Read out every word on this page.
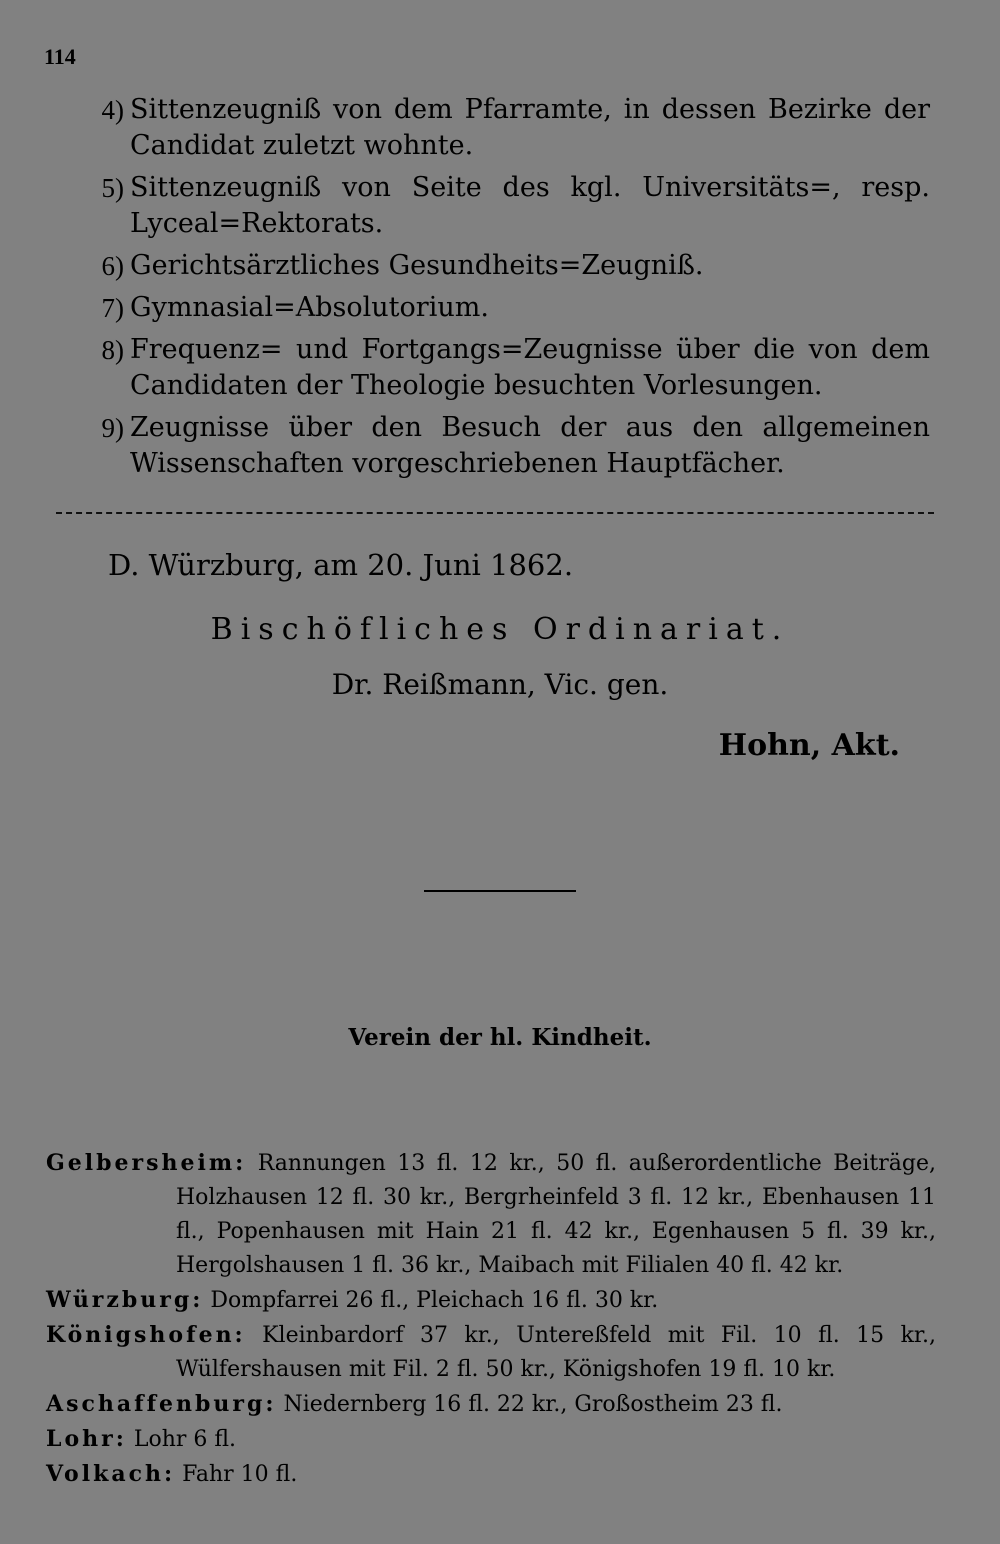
114
4) Sittenzeugniß von dem Pfarramte, in dessen Bezirke der Candidat zuletzt wohnte.
5) Sittenzeugniß von Seite des kgl. Universitäts=, resp. Lyceal=Rektorats.
6) Gerichtsärztliches Gesundheits=Zeugniß.
7) Gymnasial=Absolutorium.
8) Frequenz= und Fortgangs=Zeugnisse über die von dem Candidaten der Theologie besuchten Vorlesungen.
9) Zeugnisse über den Besuch der aus den allgemeinen Wissenschaften vorgeschriebenen Hauptfächer.
D. Würzburg, am 20. Juni 1862.
Bischöfliches Ordinariat.
Dr. Reißmann, Vic. gen.
Hohn, Akt.
Verein der hl. Kindheit.
Gelbersheim: Rannungen 13 fl. 12 kr., 50 fl. außerordentliche Beiträge, Holzhausen 12 fl. 30 kr., Bergrheinfeld 3 fl. 12 kr., Ebenhausen 11 fl., Popenhausen mit Hain 21 fl. 42 kr., Egenhausen 5 fl. 39 kr., Hergolshausen 1 fl. 36 kr., Maibach mit Filialen 40 fl. 42 kr.
Würzburg: Dompfarrei 26 fl., Pleichach 16 fl. 30 kr.
Königshofen: Kleinbardorf 37 kr., Untereßfeld mit Fil. 10 fl. 15 kr., Wülfershausen mit Fil. 2 fl. 50 kr., Königshofen 19 fl. 10 kr.
Aschaffenburg: Niedernberg 16 fl. 22 kr., Großostheim 23 fl.
Lohr: Lohr 6 fl.
Volkach: Fahr 10 fl.
